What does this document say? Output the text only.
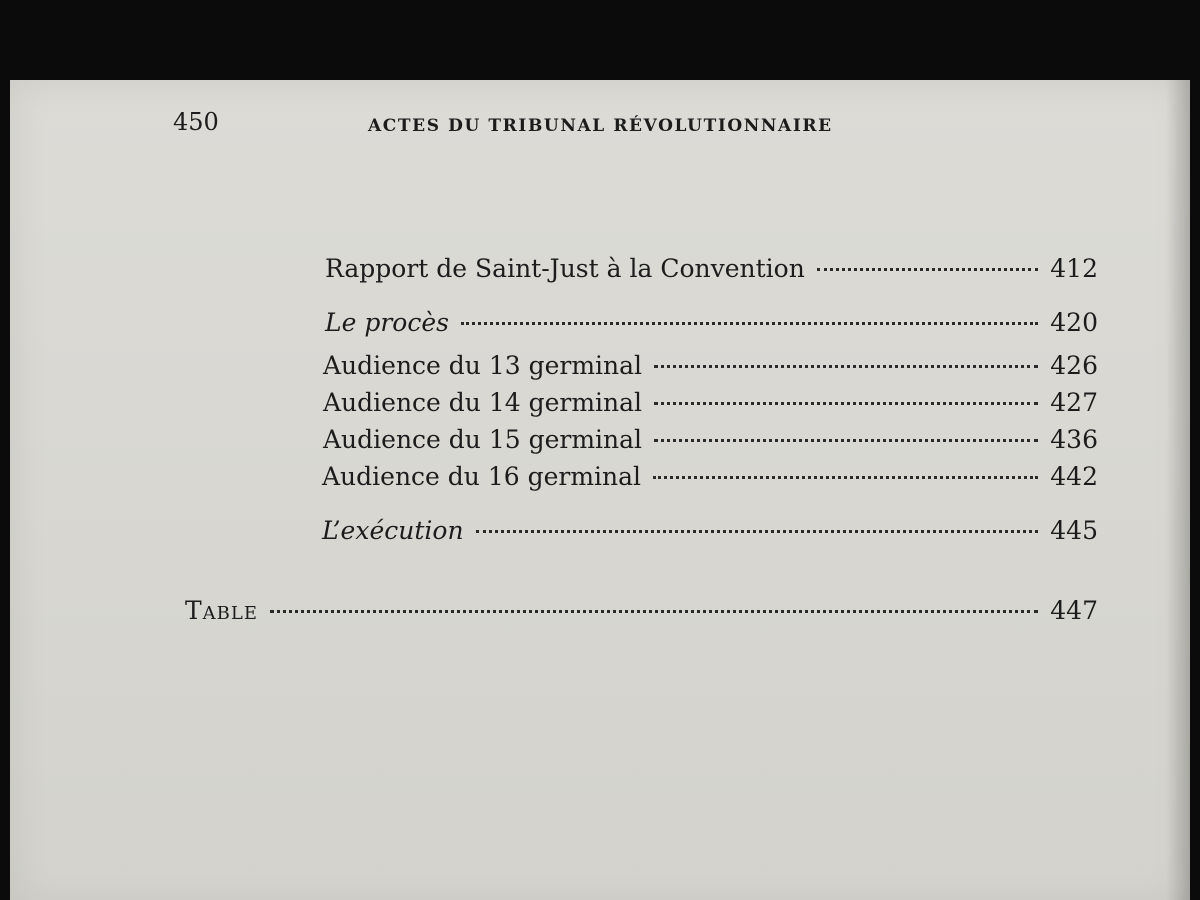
450	ACTES DU TRIBUNAL RÉVOLUTIONNAIRE
Rapport de Saint-Just à la Convention	412
Le procès	420
Audience du 13 germinal	426
Audience du 14 germinal	427
Audience du 15 germinal	436
Audience du 16 germinal	442
L’exécution	445
Table	447
